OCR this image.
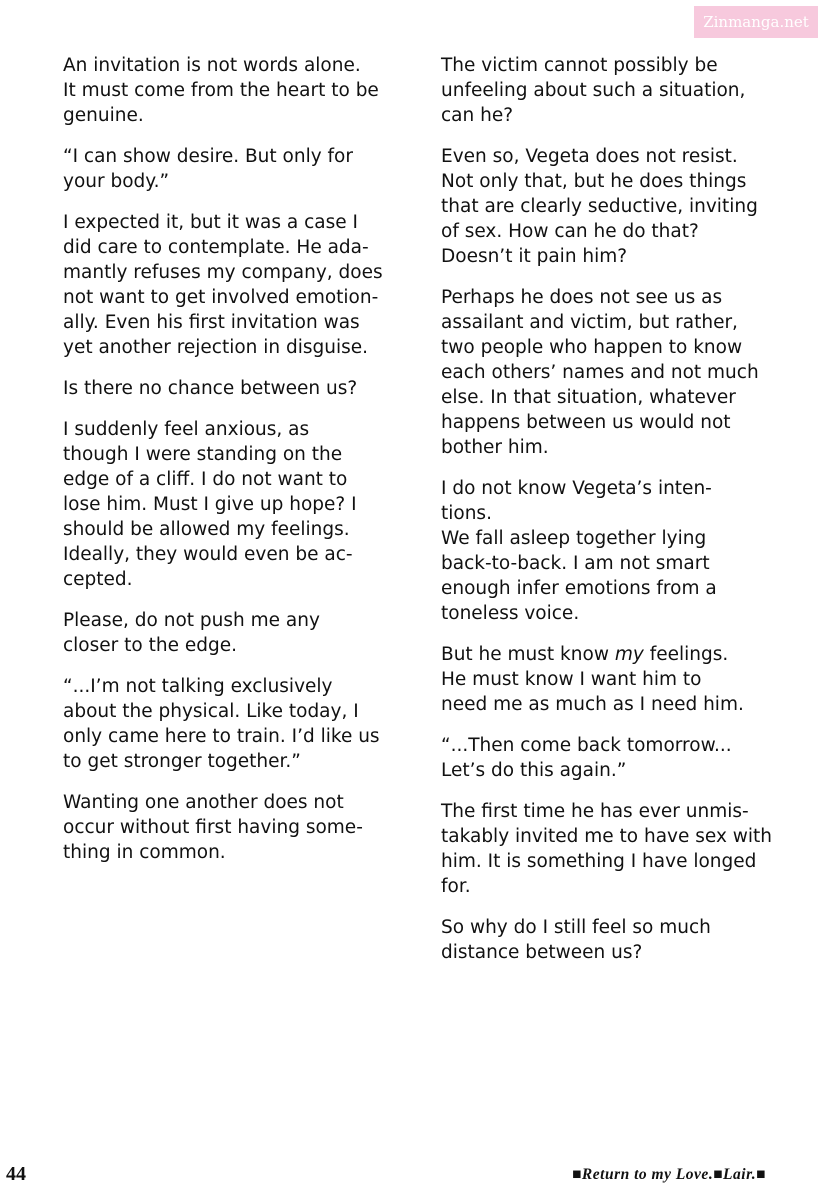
Zinmanga.net

An invitation is not words alone.
It must come from the heart to be
genuine.

“I can show desire. But only for
your body.”

I expected it, but it was a case I
did care to contemplate. He ada-
mantly refuses my company, does
not want to get involved emotion-
ally. Even his first invitation was
yet another rejection in disguise.

Is there no chance between us?

I suddenly feel anxious, as
though I were standing on the
edge of a cliff. I do not want to
lose him. Must I give up hope? I
should be allowed my feelings.
Ideally, they would even be ac-
cepted.

Please, do not push me any
closer to the edge.

“...I’m not talking exclusively
about the physical. Like today, I
only came here to train. I’d like us
to get stronger together.”

Wanting one another does not
occur without first having some-
thing in common.

The victim cannot possibly be
unfeeling about such a situation,
can he?

Even so, Vegeta does not resist.
Not only that, but he does things
that are clearly seductive, inviting
of sex. How can he do that?
Doesn’t it pain him?

Perhaps he does not see us as
assailant and victim, but rather,
two people who happen to know
each others’ names and not much
else. In that situation, whatever
happens between us would not
bother him.

I do not know Vegeta’s inten-
tions.

We fall asleep together lying
back-to-back. I am not smart
enough infer emotions from a
toneless voice.

But he must know my feelings.

He must know I want him to
need me as much as I need him.

“...Then come back tomorrow...
Let’s do this again.”

The first time he has ever unmis-
takably invited me to have sex with
him. It is something I have longed
for.

So why do I still feel so much
distance between us?

44	■Return to my Love.■Lair.■
